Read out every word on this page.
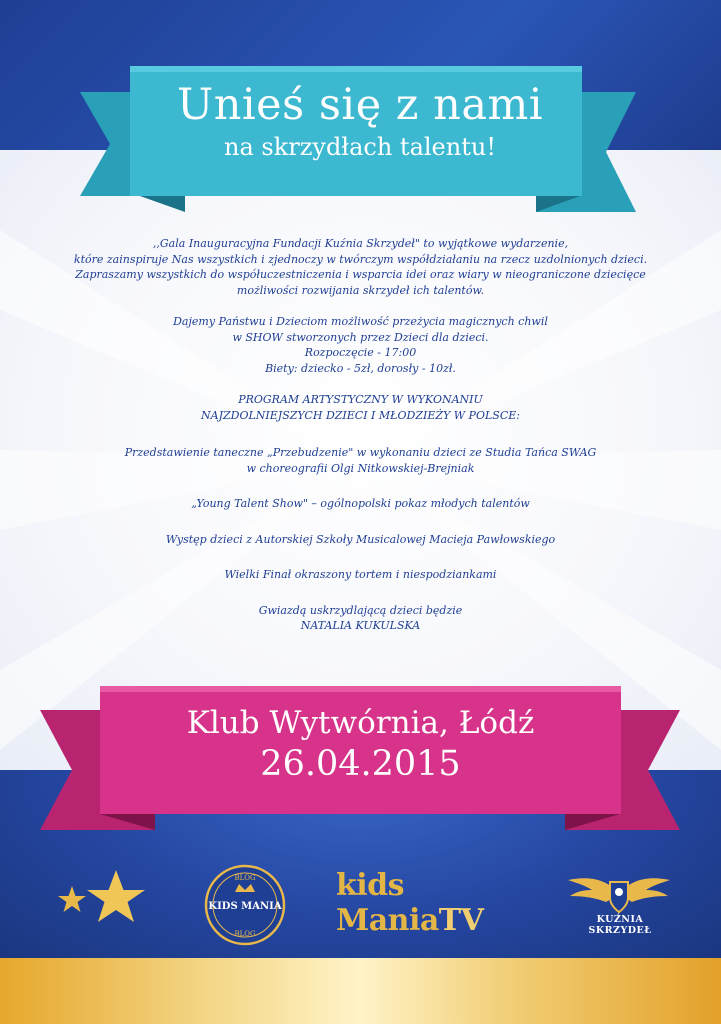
Unieś się z nami
na skrzydłach talentu!

,,Gala Inauguracyjna Fundacji Kuźnia Skrzydeł" to wyjątkowe wydarzenie,

które zainspiruje Nas wszystkich i zjednoczy w twórczym współdziałaniu na rzecz uzdolnionych dzieci.

Zapraszamy wszystkich do współuczestniczenia i wsparcia idei oraz wiary w nieograniczone dziecięce

możliwości rozwijania skrzydeł ich talentów.

Dajemy Państwu i Dzieciom możliwość przeżycia magicznych chwil

w SHOW stworzonych przez Dzieci dla dzieci.

Rozpoczęcie - 17:00

Biety: dziecko - 5zł, dorosły - 10zł.

PROGRAM ARTYSTYCZNY W WYKONANIU

NAJZDOLNIEJSZYCH DZIECI I MŁODZIEŻY W POLSCE:

Przedstawienie taneczne „Przebudzenie" w wykonaniu dzieci ze Studia Tańca SWAG

w choreografii Olgi Nitkowskiej-Brejniak

„Young Talent Show" – ogólnopolski pokaz młodych talentów

Występ dzieci z Autorskiej Szkoły Musicalowej Macieja Pawłowskiego

Wielki Finał okraszony tortem i niespodziankami

Gwiazdą uskrzydlającą dzieci będzie

NATALIA KUKULSKA

Klub Wytwórnia, Łódź
26.04.2015
BLOG
KIDS MANIA
BLOG
kids ManiaTV	KUŹNIA
SKRZYDEŁ
